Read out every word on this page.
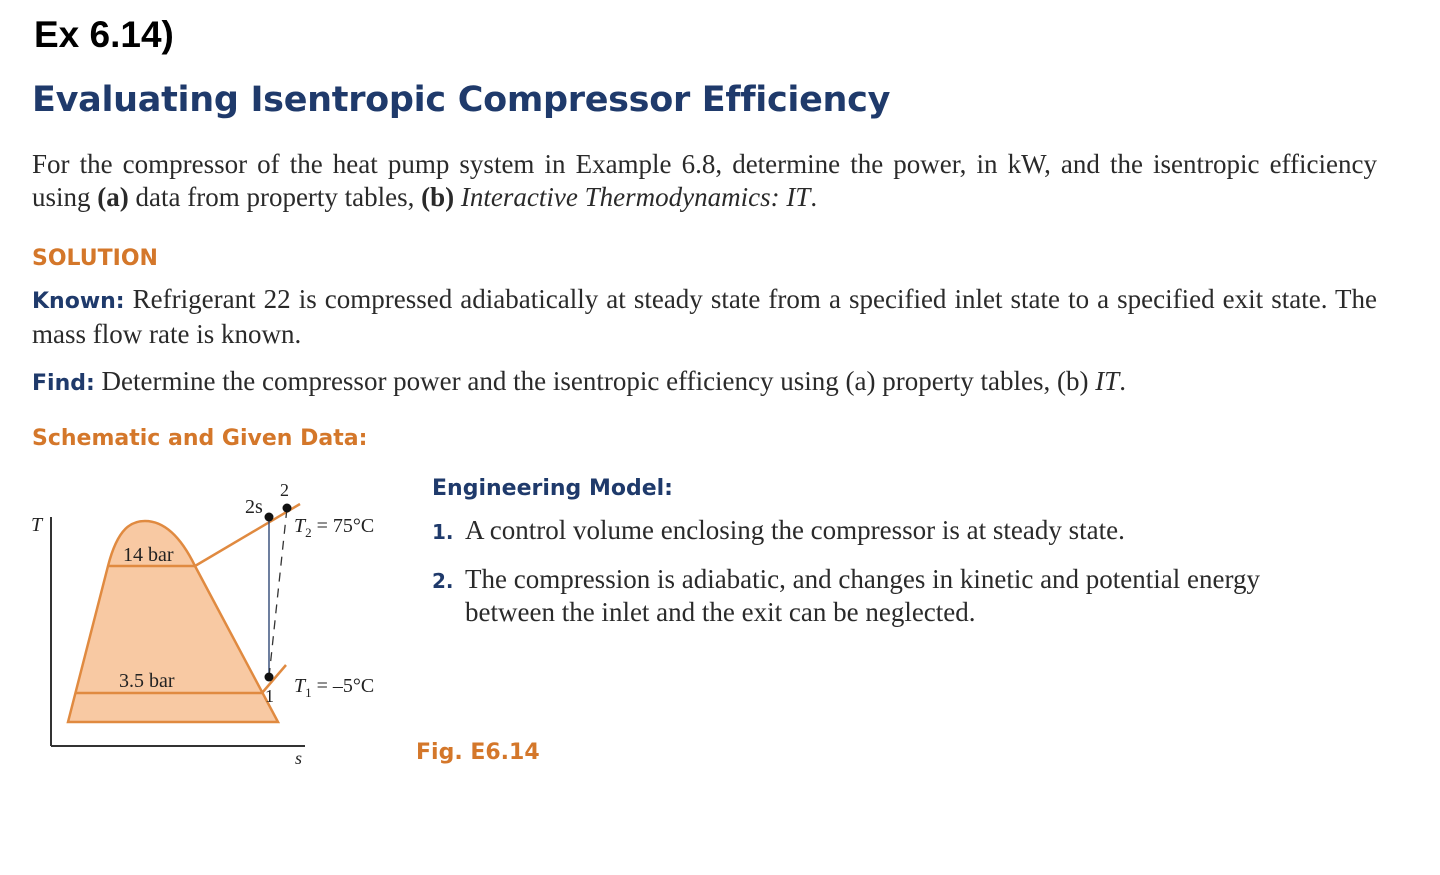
Ex 6.14)
Evaluating Isentropic Compressor Efficiency
For the compressor of the heat pump system in Example 6.8, determine the power, in kW, and the isentropic efficiency using (a) data from property tables, (b) Interactive Thermodynamics: IT.
SOLUTION
Known: Refrigerant 22 is compressed adiabatically at steady state from a specified inlet state to a specified exit state. The mass flow rate is known.
Find: Determine the compressor power and the isentropic efficiency using (a) property tables, (b) IT.
Schematic and Given Data:
T
s
14 bar
3.5 bar
1
2
2s
$T_2 = 75^\circ C$
$T_1 = -5^\circ C$
Engineering Model:
1. A control volume enclosing the compressor is at steady state.
2. The compression is adiabatic, and changes in kinetic and potential energy between the inlet and the exit can be neglected.
Fig. E6.14
